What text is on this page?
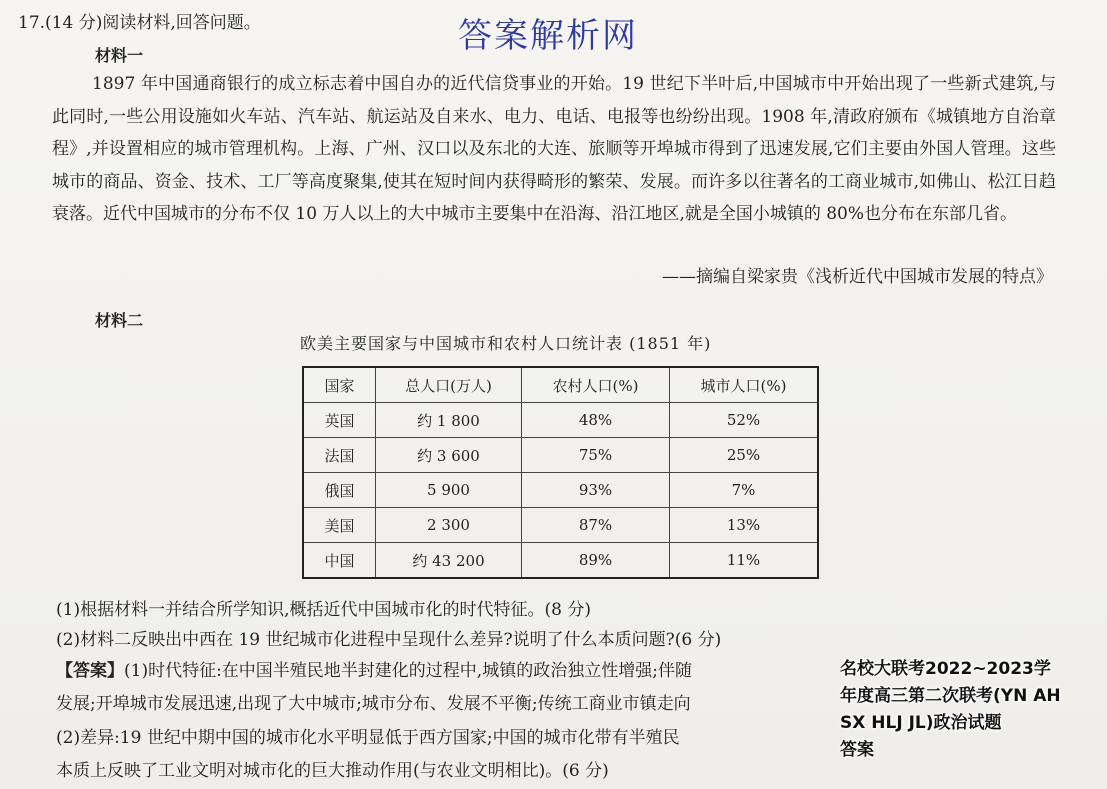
17.(14 分)阅读材料,回答问题。	答案解析网
材料一
1897 年中国通商银行的成立标志着中国自办的近代信贷事业的开始。19 世纪下半叶后,中国城市中开始出现了一些新式建筑,与此同时,一些公用设施如火车站、汽车站、航运站及自来水、电力、电话、电报等也纷纷出现。1908 年,清政府颁布《城镇地方自治章程》,并设置相应的城市管理机构。上海、广州、汉口以及东北的大连、旅顺等开埠城市得到了迅速发展,它们主要由外国人管理。这些城市的商品、资金、技术、工厂等高度聚集,使其在短时间内获得畸形的繁荣、发展。而许多以往著名的工商业城市,如佛山、松江日趋衰落。近代中国城市的分布不仅 10 万人以上的大中城市主要集中在沿海、沿江地区,就是全国小城镇的 80%也分布在东部几省。
——摘编自梁家贵《浅析近代中国城市发展的特点》
材料二
欧美主要国家与中国城市和农村人口统计表 (1851 年)
国家	总人口(万人)	农村人口(%)	城市人口(%)
英国	约 1 800	48%	52%
法国	约 3 600	75%	25%
俄国	5 900	93%	7%
美国	2 300	87%	13%
中国	约 43 200	89%	11%
(1)根据材料一并结合所学知识,概括近代中国城市化的时代特征。(8 分)
(2)材料二反映出中西在 19 世纪城市化进程中呈现什么差异?说明了什么本质问题?(6 分)
【答案】(1)时代特征:在中国半殖民地半封建化的过程中,城镇的政治独立性增强;伴随
发展;开埠城市发展迅速,出现了大中城市;城市分布、发展不平衡;传统工商业市镇走向
(2)差异:19 世纪中期中国的城市化水平明显低于西方国家;中国的城市化带有半殖民
本质上反映了工业文明对城市化的巨大推动作用(与农业文明相比)。(6 分)
名校大联考2022~2023学
年度高三第二次联考(YN AH
SX HLJ JL)政治试题
答案
